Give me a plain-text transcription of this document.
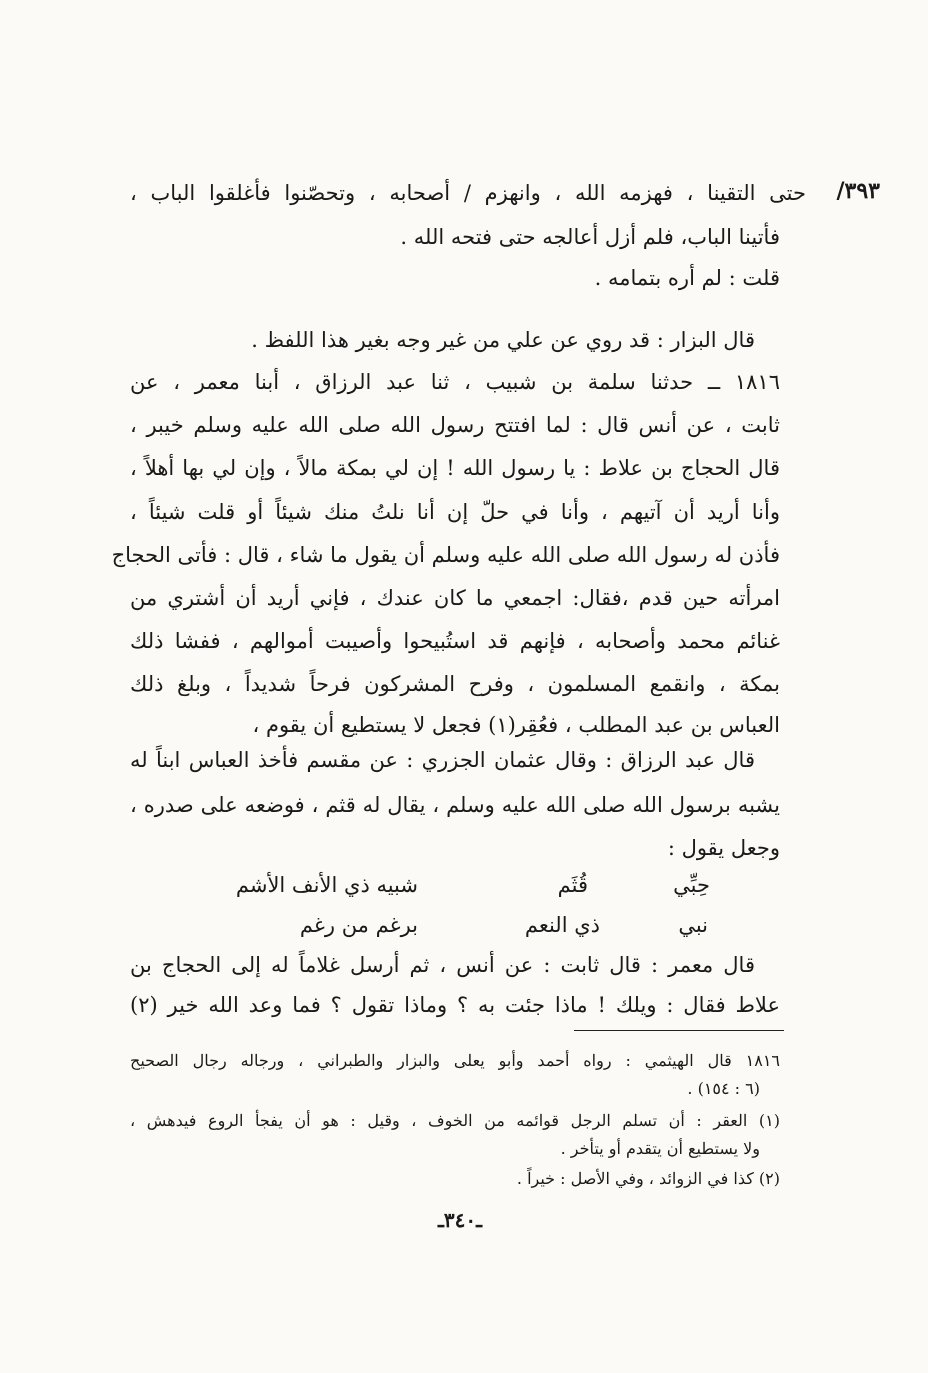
٣٩٣/
حتى التقينا ، فهزمه الله ، وانهزم / أصحابه ، وتحصّنوا فأغلقوا الباب ،
فأتينا الباب، فلم أزل أعالجه حتى فتحه الله .
قلت : لم أره بتمامه .
قال البزار : قد روي عن علي من غير وجه بغير هذا اللفظ .
١٨١٦ ــ حدثنا سلمة بن شبيب ، ثنا عبد الرزاق ، أبنا معمر ، عن
ثابت ، عن أنس قال : لما افتتح رسول الله صلى الله عليه وسلم خيبر ،
قال الحجاج بن علاط : يا رسول الله ! إن لي بمكة مالاً ، وإن لي بها أهلاً ،
وأنا أريد أن آتيهم ، وأنا في حلّ إن أنا نلتُ منك شيئاً أو قلت شيئاً ،
فأذن له رسول الله صلى الله عليه وسلم أن يقول ما شاء ، قال : فأتى الحجاج
امرأته حين قدم ،فقال: اجمعي ما كان عندك ، فإني أريد أن أشتري من
غنائم محمد وأصحابه ، فإنهم قد استُبيحوا وأصيبت أموالهم ، ففشا ذلك
بمكة ، وانقمع المسلمون ، وفرح المشركون فرحاً شديداً ، وبلغ ذلك
العباس بن عبد المطلب ، فعُقِر(١) فجعل لا يستطيع أن يقوم ،
قال عبد الرزاق : وقال عثمان الجزري : عن مقسم فأخذ العباس ابناً له
يشبه برسول الله صلى الله عليه وسلم ، يقال له قثم ، فوضعه على صدره ،
وجعل يقول :
حِبِّي
قُثَم
شبيه ذي الأنف الأشم
نبي
ذي النعم
برغم من رغم
قال معمر : قال ثابت : عن أنس ، ثم أرسل غلاماً له إلى الحجاج بن
علاط فقال : ويلك ! ماذا جئت به ؟ وماذا تقول ؟ فما وعد الله خير (٢)
١٨١٦ قال الهيثمي : رواه أحمد وأبو يعلى والبزار والطبراني ، ورجاله رجال الصحيح
(٦ : ١٥٤) .
(١) العقر : أن تسلم الرجل قوائمه من الخوف ، وقيل : هو أن يفجأ الروع فيدهش ،
ولا يستطيع أن يتقدم أو يتأخر .
(٢) كذا في الزوائد ، وفي الأصل : خيراً .
ـ٣٤٠ـ
